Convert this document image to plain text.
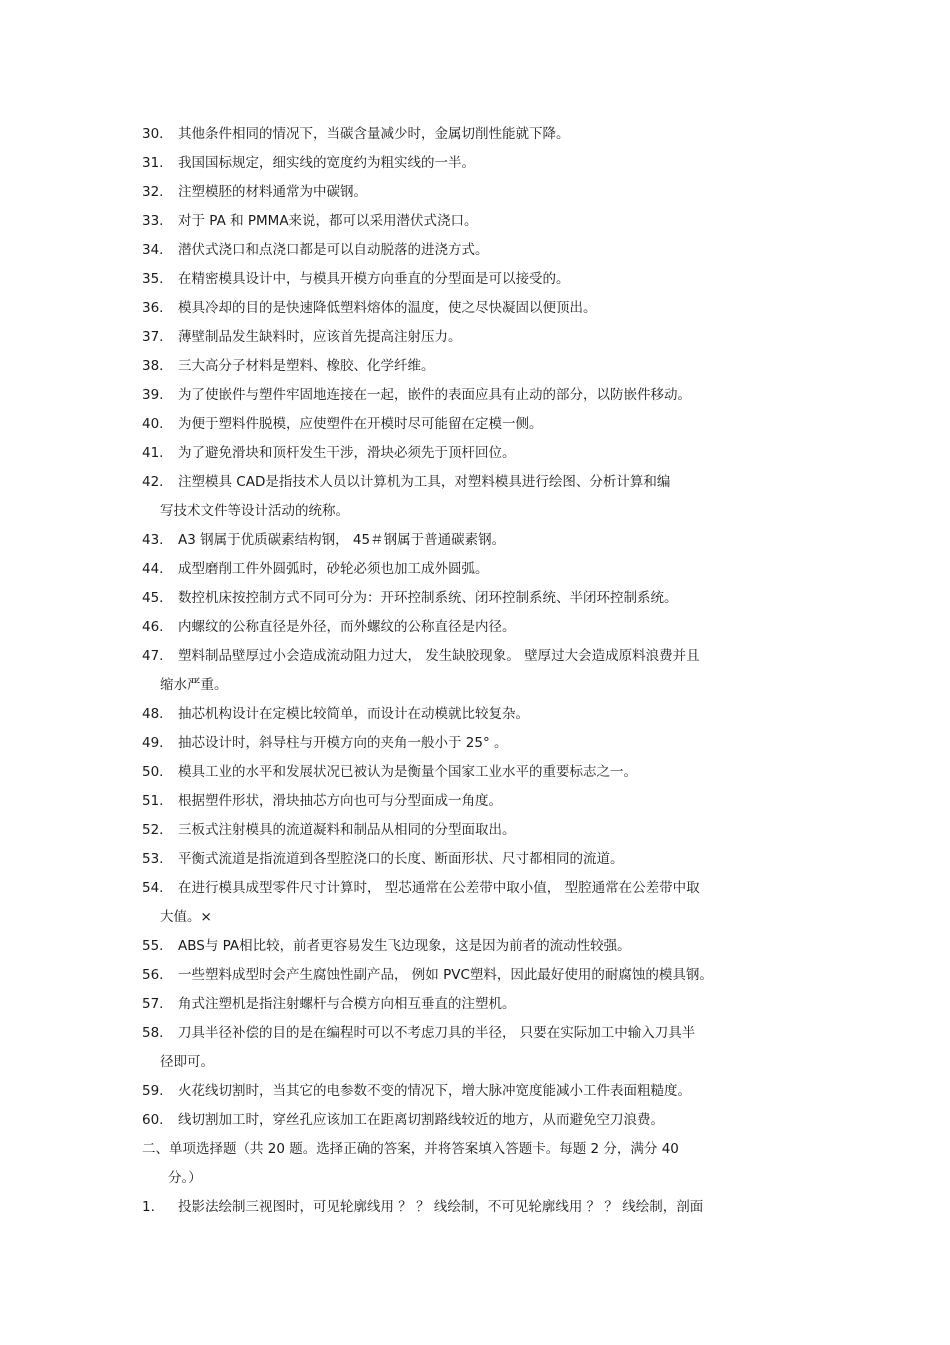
30. 其他条件相同的情况下，当碳含量减少时，金属切削性能就下降。
31. 我国国标规定，细实线的宽度约为粗实线的一半。
32. 注塑模胚的材料通常为中碳钢。
33. 对于 PA 和 PMMA来说，都可以采用潜伏式浇口。
34. 潜伏式浇口和点浇口都是可以自动脱落的进浇方式。
35. 在精密模具设计中，与模具开模方向垂直的分型面是可以接受的。
36. 模具冷却的目的是快速降低塑料熔体的温度，使之尽快凝固以便顶出。
37. 薄壁制品发生缺料时，应该首先提高注射压力。
38. 三大高分子材料是塑料、橡胶、化学纤维。
39. 为了使嵌件与塑件牢固地连接在一起，嵌件的表面应具有止动的部分，以防嵌件移动。
40. 为便于塑料件脱模，应使塑件在开模时尽可能留在定模一侧。
41. 为了避免滑块和顶杆发生干涉，滑块必须先于顶杆回位。
42. 注塑模具 CAD是指技术人员以计算机为工具，对塑料模具进行绘图、分析计算和编
写技术文件等设计活动的统称。
43. A3 钢属于优质碳素结构钢， 45＃钢属于普通碳素钢。
44. 成型磨削工件外圆弧时，砂轮必须也加工成外圆弧。
45. 数控机床按控制方式不同可分为：开环控制系统、闭环控制系统、半闭环控制系统。
46. 内螺纹的公称直径是外径，而外螺纹的公称直径是内径。
47. 塑料制品壁厚过小会造成流动阻力过大， 发生缺胶现象。 壁厚过大会造成原料浪费并且
缩水严重。
48. 抽芯机构设计在定模比较简单，而设计在动模就比较复杂。
49. 抽芯设计时，斜导柱与开模方向的夹角一般小于 25° 。
50. 模具工业的水平和发展状况已被认为是衡量个国家工业水平的重要标志之一。
51. 根据塑件形状，滑块抽芯方向也可与分型面成一角度。
52. 三板式注射模具的流道凝料和制品从相同的分型面取出。
53. 平衡式流道是指流道到各型腔浇口的长度、断面形状、尺寸都相同的流道。
54. 在进行模具成型零件尺寸计算时， 型芯通常在公差带中取小值， 型腔通常在公差带中取
大值。×
55. ABS与 PA相比较，前者更容易发生飞边现象，这是因为前者的流动性较强。
56. 一些塑料成型时会产生腐蚀性副产品， 例如 PVC塑料，因此最好使用的耐腐蚀的模具钢。
57. 角式注塑机是指注射螺杆与合模方向相互垂直的注塑机。
58. 刀具半径补偿的目的是在编程时可以不考虑刀具的半径， 只要在实际加工中输入刀具半
径即可。
59. 火花线切割时，当其它的电参数不变的情况下，增大脉冲宽度能减小工件表面粗糙度。
60. 线切割加工时，穿丝孔应该加工在距离切割路线较近的地方，从而避免空刀浪费。
二、单项选择题（共 20 题。选择正确的答案，并将答案填入答题卡。每题 2 分，满分 40
分。）
1. 投影法绘制三视图时，可见轮廓线用 ？ ？ 线绘制，不可见轮廓线用 ？ ？ 线绘制，剖面
